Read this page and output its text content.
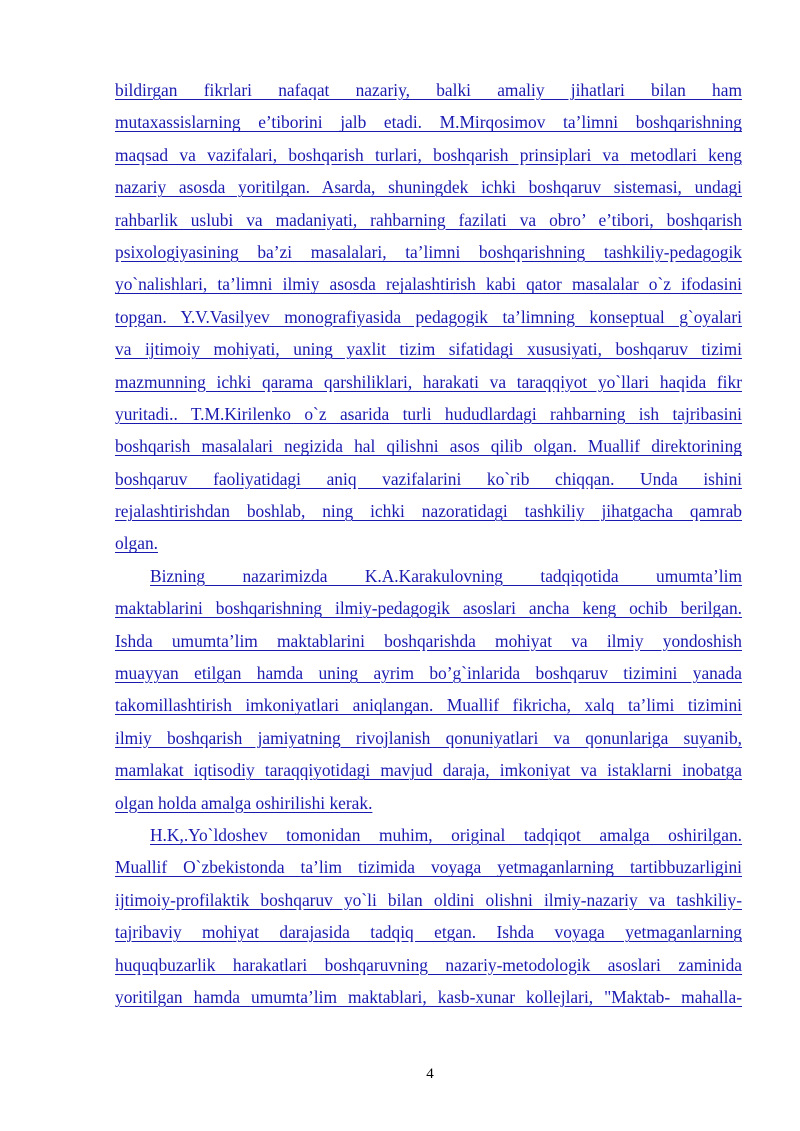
bildirgan fikrlari nafaqat nazariy, balki amaliy jihatlari bilan ham
mutaxassislarning e’tiborini jalb etadi. M.Mirqosimov ta’limni boshqarishning
maqsad va vazifalari, boshqarish turlari, boshqarish prinsiplari va metodlari keng
nazariy asosda yoritilgan. Asarda, shuningdek ichki boshqaruv sistemasi, undagi
rahbarlik uslubi va madaniyati, rahbarning fazilati va obro’ e’tibori, boshqarish
psixologiyasining ba’zi masalalari, ta’limni boshqarishning tashkiliy-pedagogik
yo`nalishlari, ta’limni ilmiy asosda rejalashtirish kabi qator masalalar o`z ifodasini
topgan. Y.V.Vasilyev monografiyasida pedagogik ta’limning konseptual g`oyalari
va ijtimoiy mohiyati, uning yaxlit tizim sifatidagi xususiyati, boshqaruv tizimi
mazmunning ichki qarama qarshiliklari, harakati va taraqqiyot yo`llari haqida fikr
yuritadi.. T.M.Kirilenko o`z asarida turli hududlardagi rahbarning ish tajribasini
boshqarish masalalari negizida hal qilishni asos qilib olgan. Muallif direktorining
boshqaruv faoliyatidagi aniq vazifalarini ko`rib chiqqan. Unda ishini
rejalashtirishdan boshlab, ning ichki nazoratidagi tashkiliy jihatgacha qamrab
olgan.
Bizning nazarimizda K.A.Karakulovning tadqiqotida umumta’lim
maktablarini boshqarishning ilmiy-pedagogik asoslari ancha keng ochib berilgan.
Ishda umumta’lim maktablarini boshqarishda mohiyat va ilmiy yondoshish
muayyan etilgan hamda uning ayrim bo’g`inlarida boshqaruv tizimini yanada
takomillashtirish imkoniyatlari aniqlangan. Muallif fikricha, xalq ta’limi tizimini
ilmiy boshqarish jamiyatning rivojlanish qonuniyatlari va qonunlariga suyanib,
mamlakat iqtisodiy taraqqiyotidagi mavjud daraja, imkoniyat va istaklarni inobatga
olgan holda amalga oshirilishi kerak.
H.K,.Yo`ldoshev tomonidan muhim, original tadqiqot amalga oshirilgan.
Muallif O`zbekistonda ta’lim tizimida voyaga yetmaganlarning tartibbuzarligini
ijtimoiy-profilaktik boshqaruv yo`li bilan oldini olishni ilmiy-nazariy va tashkiliy-
tajribaviy mohiyat darajasida tadqiq etgan. Ishda voyaga yetmaganlarning
huquqbuzarlik harakatlari boshqaruvning nazariy-metodologik asoslari zaminida
yoritilgan hamda umumta’lim maktablari, kasb-xunar kollejlari, "Maktab- mahalla-
4
